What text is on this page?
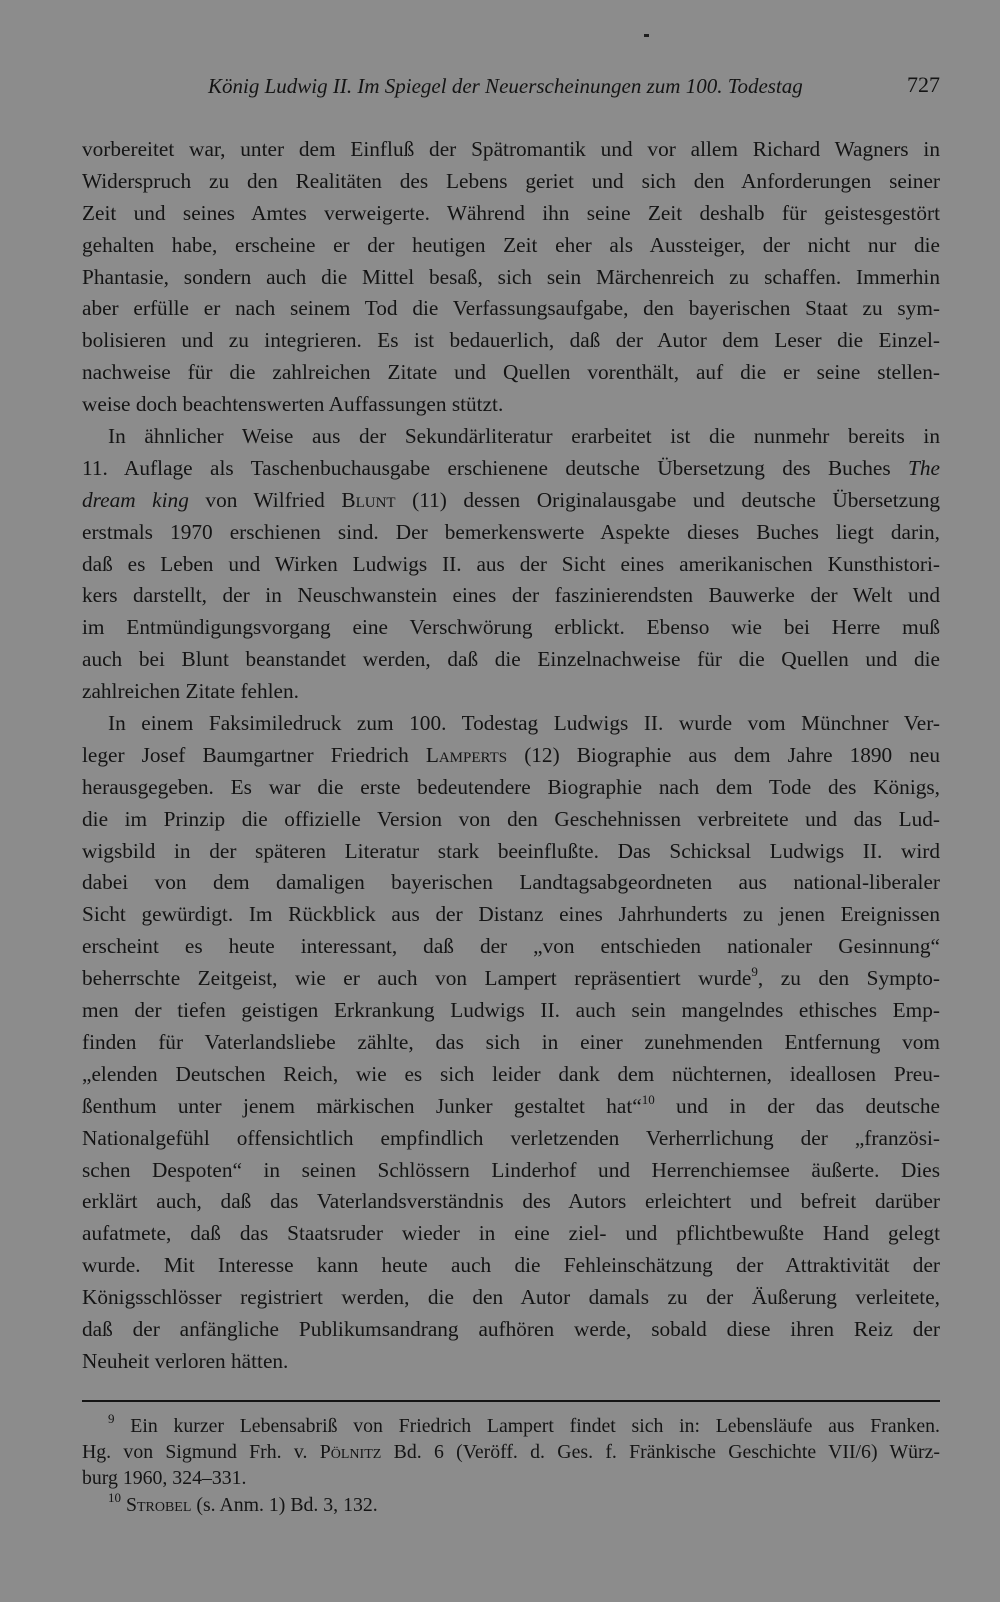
König Ludwig II. Im Spiegel der Neuerscheinungen zum 100. Todestag	727
vorbereitet war, unter dem Einfluß der Spätromantik und vor allem Richard Wagners in
Widerspruch zu den Realitäten des Lebens geriet und sich den Anforderungen seiner
Zeit und seines Amtes verweigerte. Während ihn seine Zeit deshalb für geistesgestört
gehalten habe, erscheine er der heutigen Zeit eher als Aussteiger, der nicht nur die
Phantasie, sondern auch die Mittel besaß, sich sein Märchenreich zu schaffen. Immerhin
aber erfülle er nach seinem Tod die Verfassungsaufgabe, den bayerischen Staat zu sym-
bolisieren und zu integrieren. Es ist bedauerlich, daß der Autor dem Leser die Einzel-
nachweise für die zahlreichen Zitate und Quellen vorenthält, auf die er seine stellen-
weise doch beachtenswerten Auffassungen stützt.
In ähnlicher Weise aus der Sekundärliteratur erarbeitet ist die nunmehr bereits in
11. Auflage als Taschenbuchausgabe erschienene deutsche Übersetzung des Buches The
dream king von Wilfried Blunt (11) dessen Originalausgabe und deutsche Übersetzung
erstmals 1970 erschienen sind. Der bemerkenswerte Aspekte dieses Buches liegt darin,
daß es Leben und Wirken Ludwigs II. aus der Sicht eines amerikanischen Kunsthistori-
kers darstellt, der in Neuschwanstein eines der faszinierendsten Bauwerke der Welt und
im Entmündigungsvorgang eine Verschwörung erblickt. Ebenso wie bei Herre muß
auch bei Blunt beanstandet werden, daß die Einzelnachweise für die Quellen und die
zahlreichen Zitate fehlen.
In einem Faksimiledruck zum 100. Todestag Ludwigs II. wurde vom Münchner Ver-
leger Josef Baumgartner Friedrich Lamperts (12) Biographie aus dem Jahre 1890 neu
herausgegeben. Es war die erste bedeutendere Biographie nach dem Tode des Königs,
die im Prinzip die offizielle Version von den Geschehnissen verbreitete und das Lud-
wigsbild in der späteren Literatur stark beeinflußte. Das Schicksal Ludwigs II. wird
dabei von dem damaligen bayerischen Landtagsabgeordneten aus national-liberaler
Sicht gewürdigt. Im Rückblick aus der Distanz eines Jahrhunderts zu jenen Ereignissen
erscheint es heute interessant, daß der „von entschieden nationaler Gesinnung“
beherrschte Zeitgeist, wie er auch von Lampert repräsentiert wurde$^9$, zu den Sympto-
men der tiefen geistigen Erkrankung Ludwigs II. auch sein mangelndes ethisches Emp-
finden für Vaterlandsliebe zählte, das sich in einer zunehmenden Entfernung vom
„elenden Deutschen Reich, wie es sich leider dank dem nüchternen, ideallosen Preu-
ßenthum unter jenem märkischen Junker gestaltet hat“$^{10}$ und in der das deutsche
Nationalgefühl offensichtlich empfindlich verletzenden Verherrlichung der „französi-
schen Despoten“ in seinen Schlössern Linderhof und Herrenchiemsee äußerte. Dies
erklärt auch, daß das Vaterlandsverständnis des Autors erleichtert und befreit darüber
aufatmete, daß das Staatsruder wieder in eine ziel- und pflichtbewußte Hand gelegt
wurde. Mit Interesse kann heute auch die Fehleinschätzung der Attraktivität der
Königsschlösser registriert werden, die den Autor damals zu der Äußerung verleitete,
daß der anfängliche Publikumsandrang aufhören werde, sobald diese ihren Reiz der
Neuheit verloren hätten.
$^9$ Ein kurzer Lebensabriß von Friedrich Lampert findet sich in: Lebensläufe aus Franken.
Hg. von Sigmund Frh. v. Pölnitz Bd. 6 (Veröff. d. Ges. f. Fränkische Geschichte VII/6) Würz-
burg 1960, 324–331.
$^{10}$ Strobel (s. Anm. 1) Bd. 3, 132.
